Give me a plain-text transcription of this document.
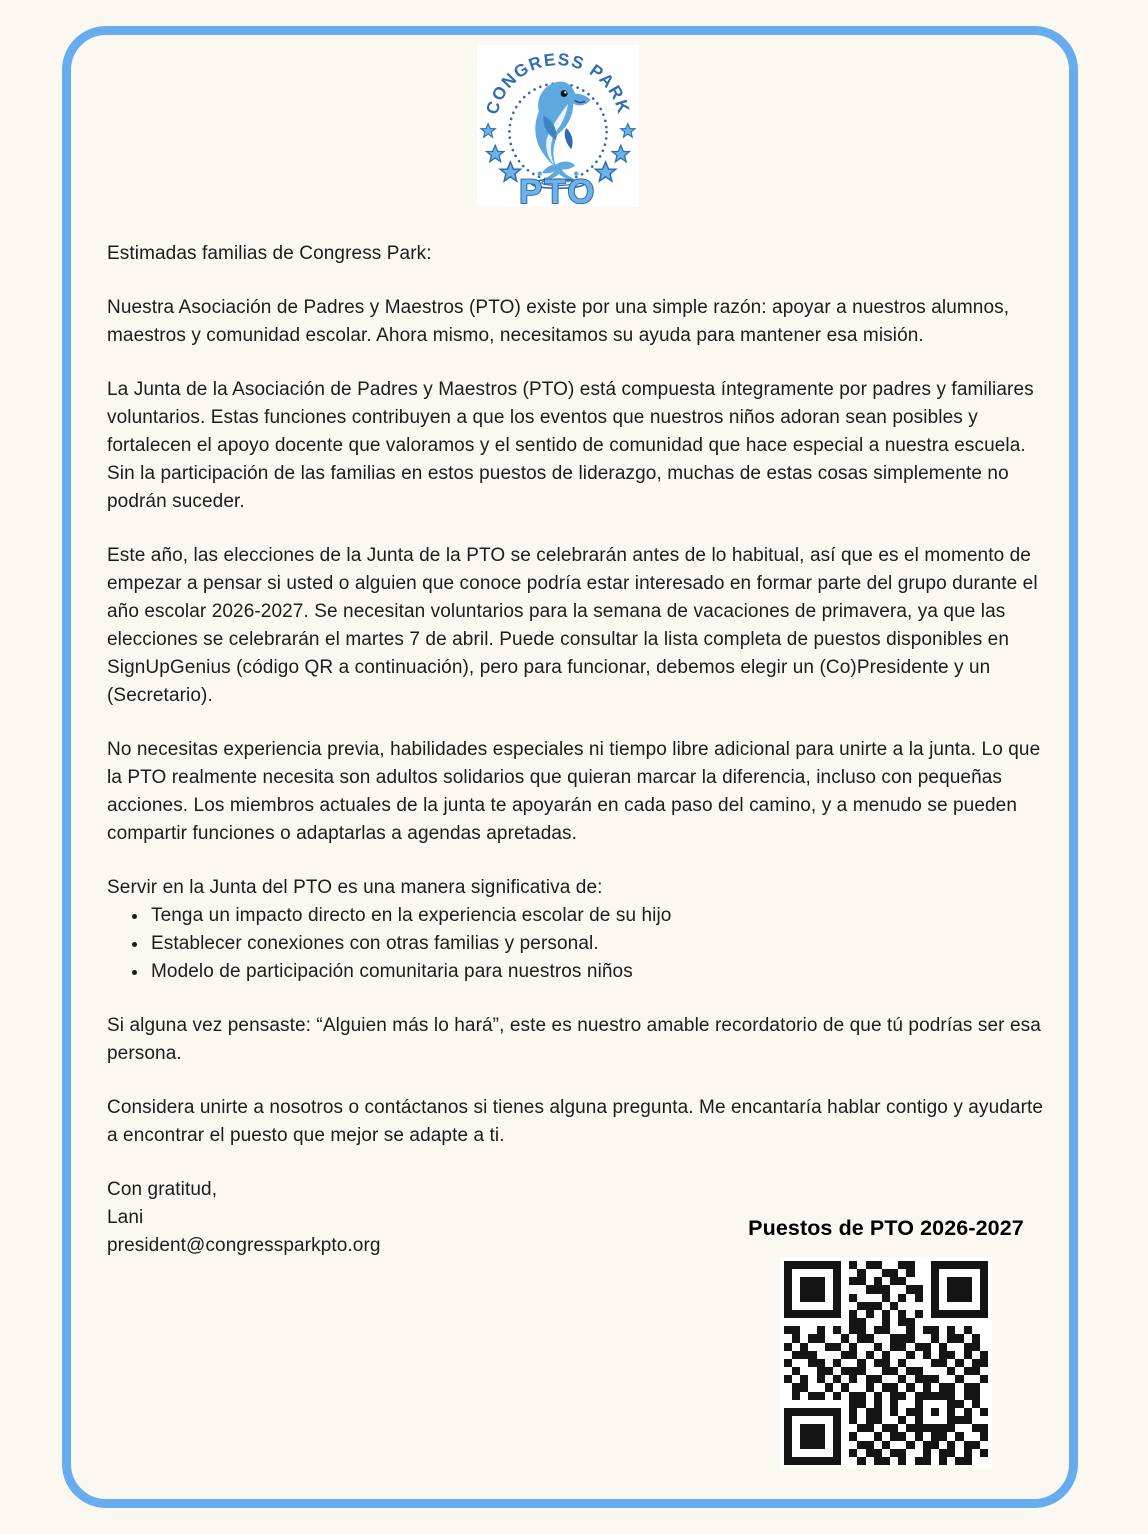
CONGRESS PARK
PTO

Estimadas familias de Congress Park:

Nuestra Asociación de Padres y Maestros (PTO) existe por una simple razón: apoyar a nuestros alumnos, maestros y comunidad escolar. Ahora mismo, necesitamos su ayuda para mantener esa misión.

La Junta de la Asociación de Padres y Maestros (PTO) está compuesta íntegramente por padres y familiares voluntarios. Estas funciones contribuyen a que los eventos que nuestros niños adoran sean posibles y fortalecen el apoyo docente que valoramos y el sentido de comunidad que hace especial a nuestra escuela. Sin la participación de las familias en estos puestos de liderazgo, muchas de estas cosas simplemente no podrán suceder.

Este año, las elecciones de la Junta de la PTO se celebrarán antes de lo habitual, así que es el momento de empezar a pensar si usted o alguien que conoce podría estar interesado en formar parte del grupo durante el año escolar 2026-2027. Se necesitan voluntarios para la semana de vacaciones de primavera, ya que las elecciones se celebrarán el martes 7 de abril. Puede consultar la lista completa de puestos disponibles en SignUpGenius (código QR a continuación), pero para funcionar, debemos elegir un (Co)Presidente y un (Secretario).

No necesitas experiencia previa, habilidades especiales ni tiempo libre adicional para unirte a la junta. Lo que la PTO realmente necesita son adultos solidarios que quieran marcar la diferencia, incluso con pequeñas acciones. Los miembros actuales de la junta te apoyarán en cada paso del camino, y a menudo se pueden compartir funciones o adaptarlas a agendas apretadas.

Servir en la Junta del PTO es una manera significativa de:

• Tenga un impacto directo en la experiencia escolar de su hijo
• Establecer conexiones con otras familias y personal.
• Modelo de participación comunitaria para nuestros niños

Si alguna vez pensaste: “Alguien más lo hará”, este es nuestro amable recordatorio de que tú podrías ser esa persona.

Considera unirte a nosotros o contáctanos si tienes alguna pregunta. Me encantaría hablar contigo y ayudarte a encontrar el puesto que mejor se adapte a ti.

Con gratitud,
Lani
president@congressparkpto.org
Puestos de PTO 2026-2027
